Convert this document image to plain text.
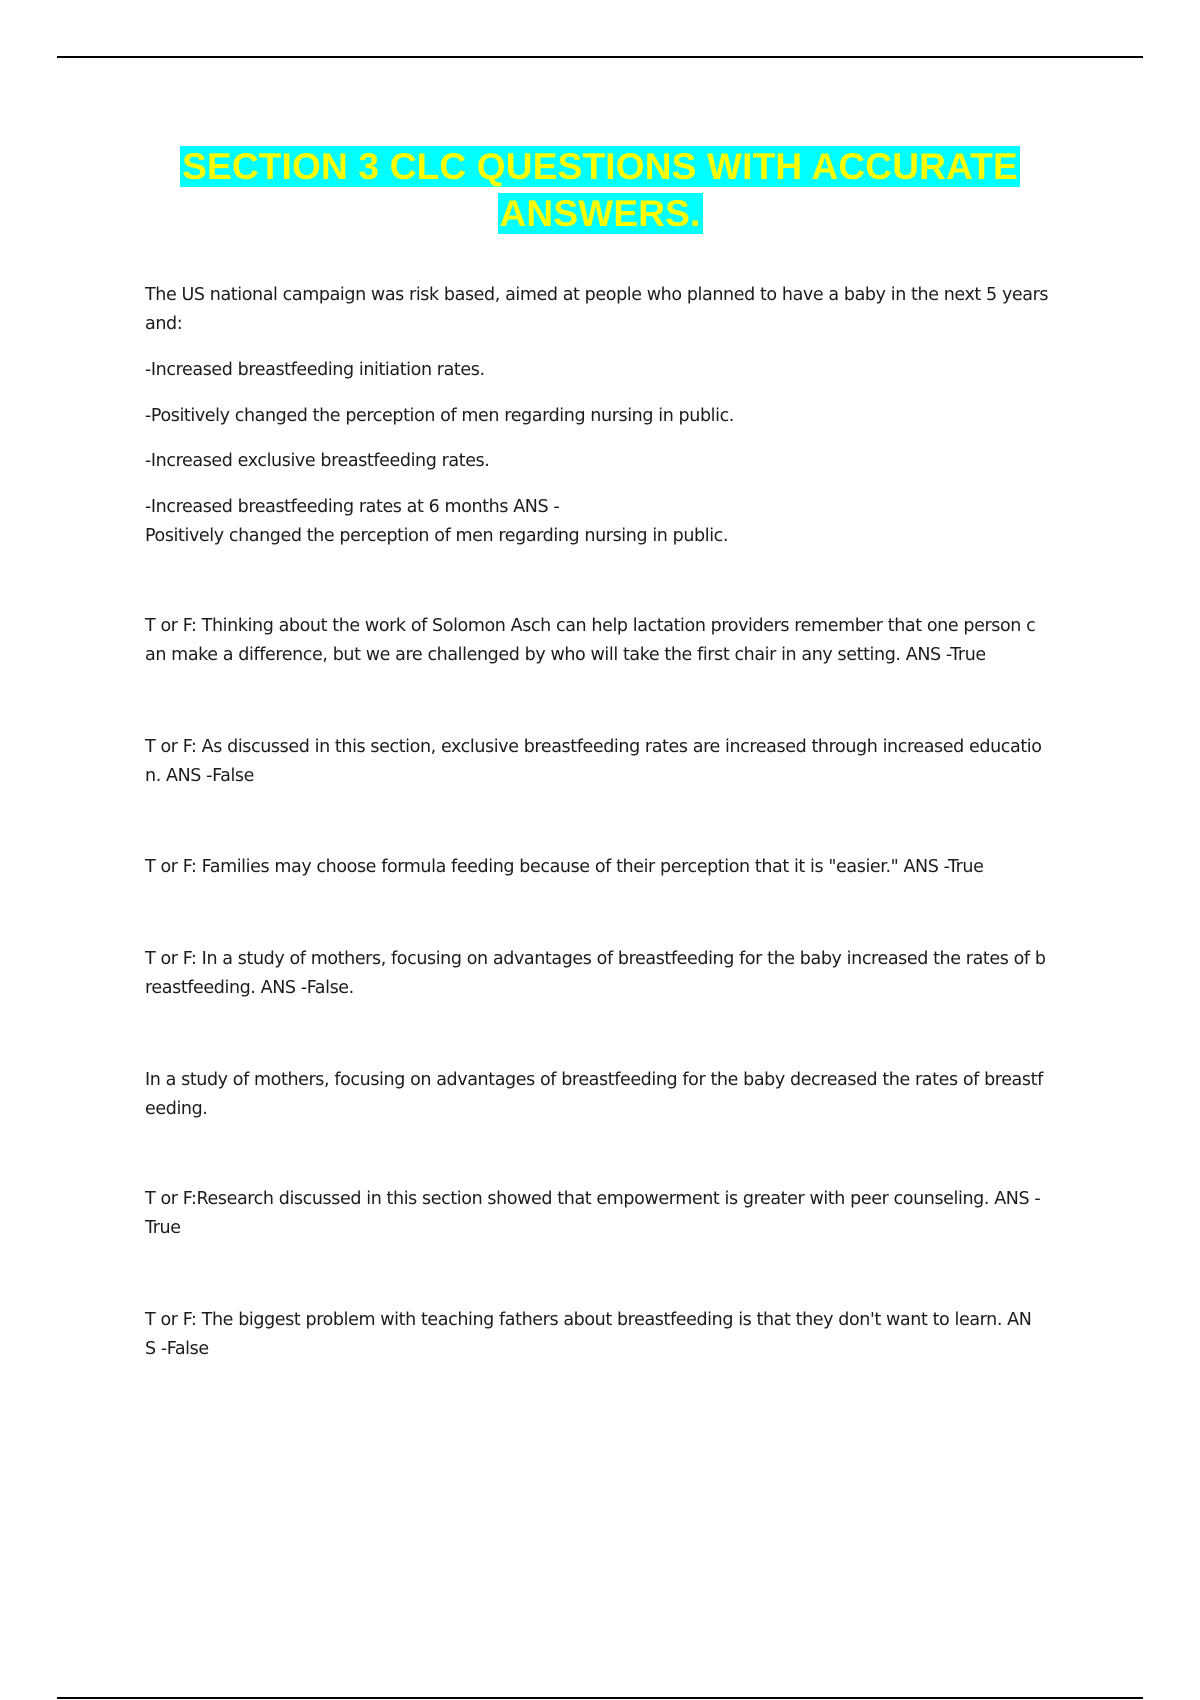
SECTION 3 CLC QUESTIONS WITH ACCURATE
ANSWERS.

The US national campaign was risk based, aimed at people who planned to have a baby in the next 5 years
and:

-Increased breastfeeding initiation rates.

-Positively changed the perception of men regarding nursing in public.

-Increased exclusive breastfeeding rates.

-Increased breastfeeding rates at 6 months ANS -
Positively changed the perception of men regarding nursing in public.

T or F: Thinking about the work of Solomon Asch can help lactation providers remember that one person c
an make a difference, but we are challenged by who will take the first chair in any setting. ANS -True

T or F: As discussed in this section, exclusive breastfeeding rates are increased through increased educatio
n. ANS -False

T or F: Families may choose formula feeding because of their perception that it is "easier." ANS -True

T or F: In a study of mothers, focusing on advantages of breastfeeding for the baby increased the rates of b
reastfeeding. ANS -False.

In a study of mothers, focusing on advantages of breastfeeding for the baby decreased the rates of breastf
eeding.

T or F:Research discussed in this section showed that empowerment is greater with peer counseling. ANS -
True

T or F: The biggest problem with teaching fathers about breastfeeding is that they don't want to learn. AN
S -False
